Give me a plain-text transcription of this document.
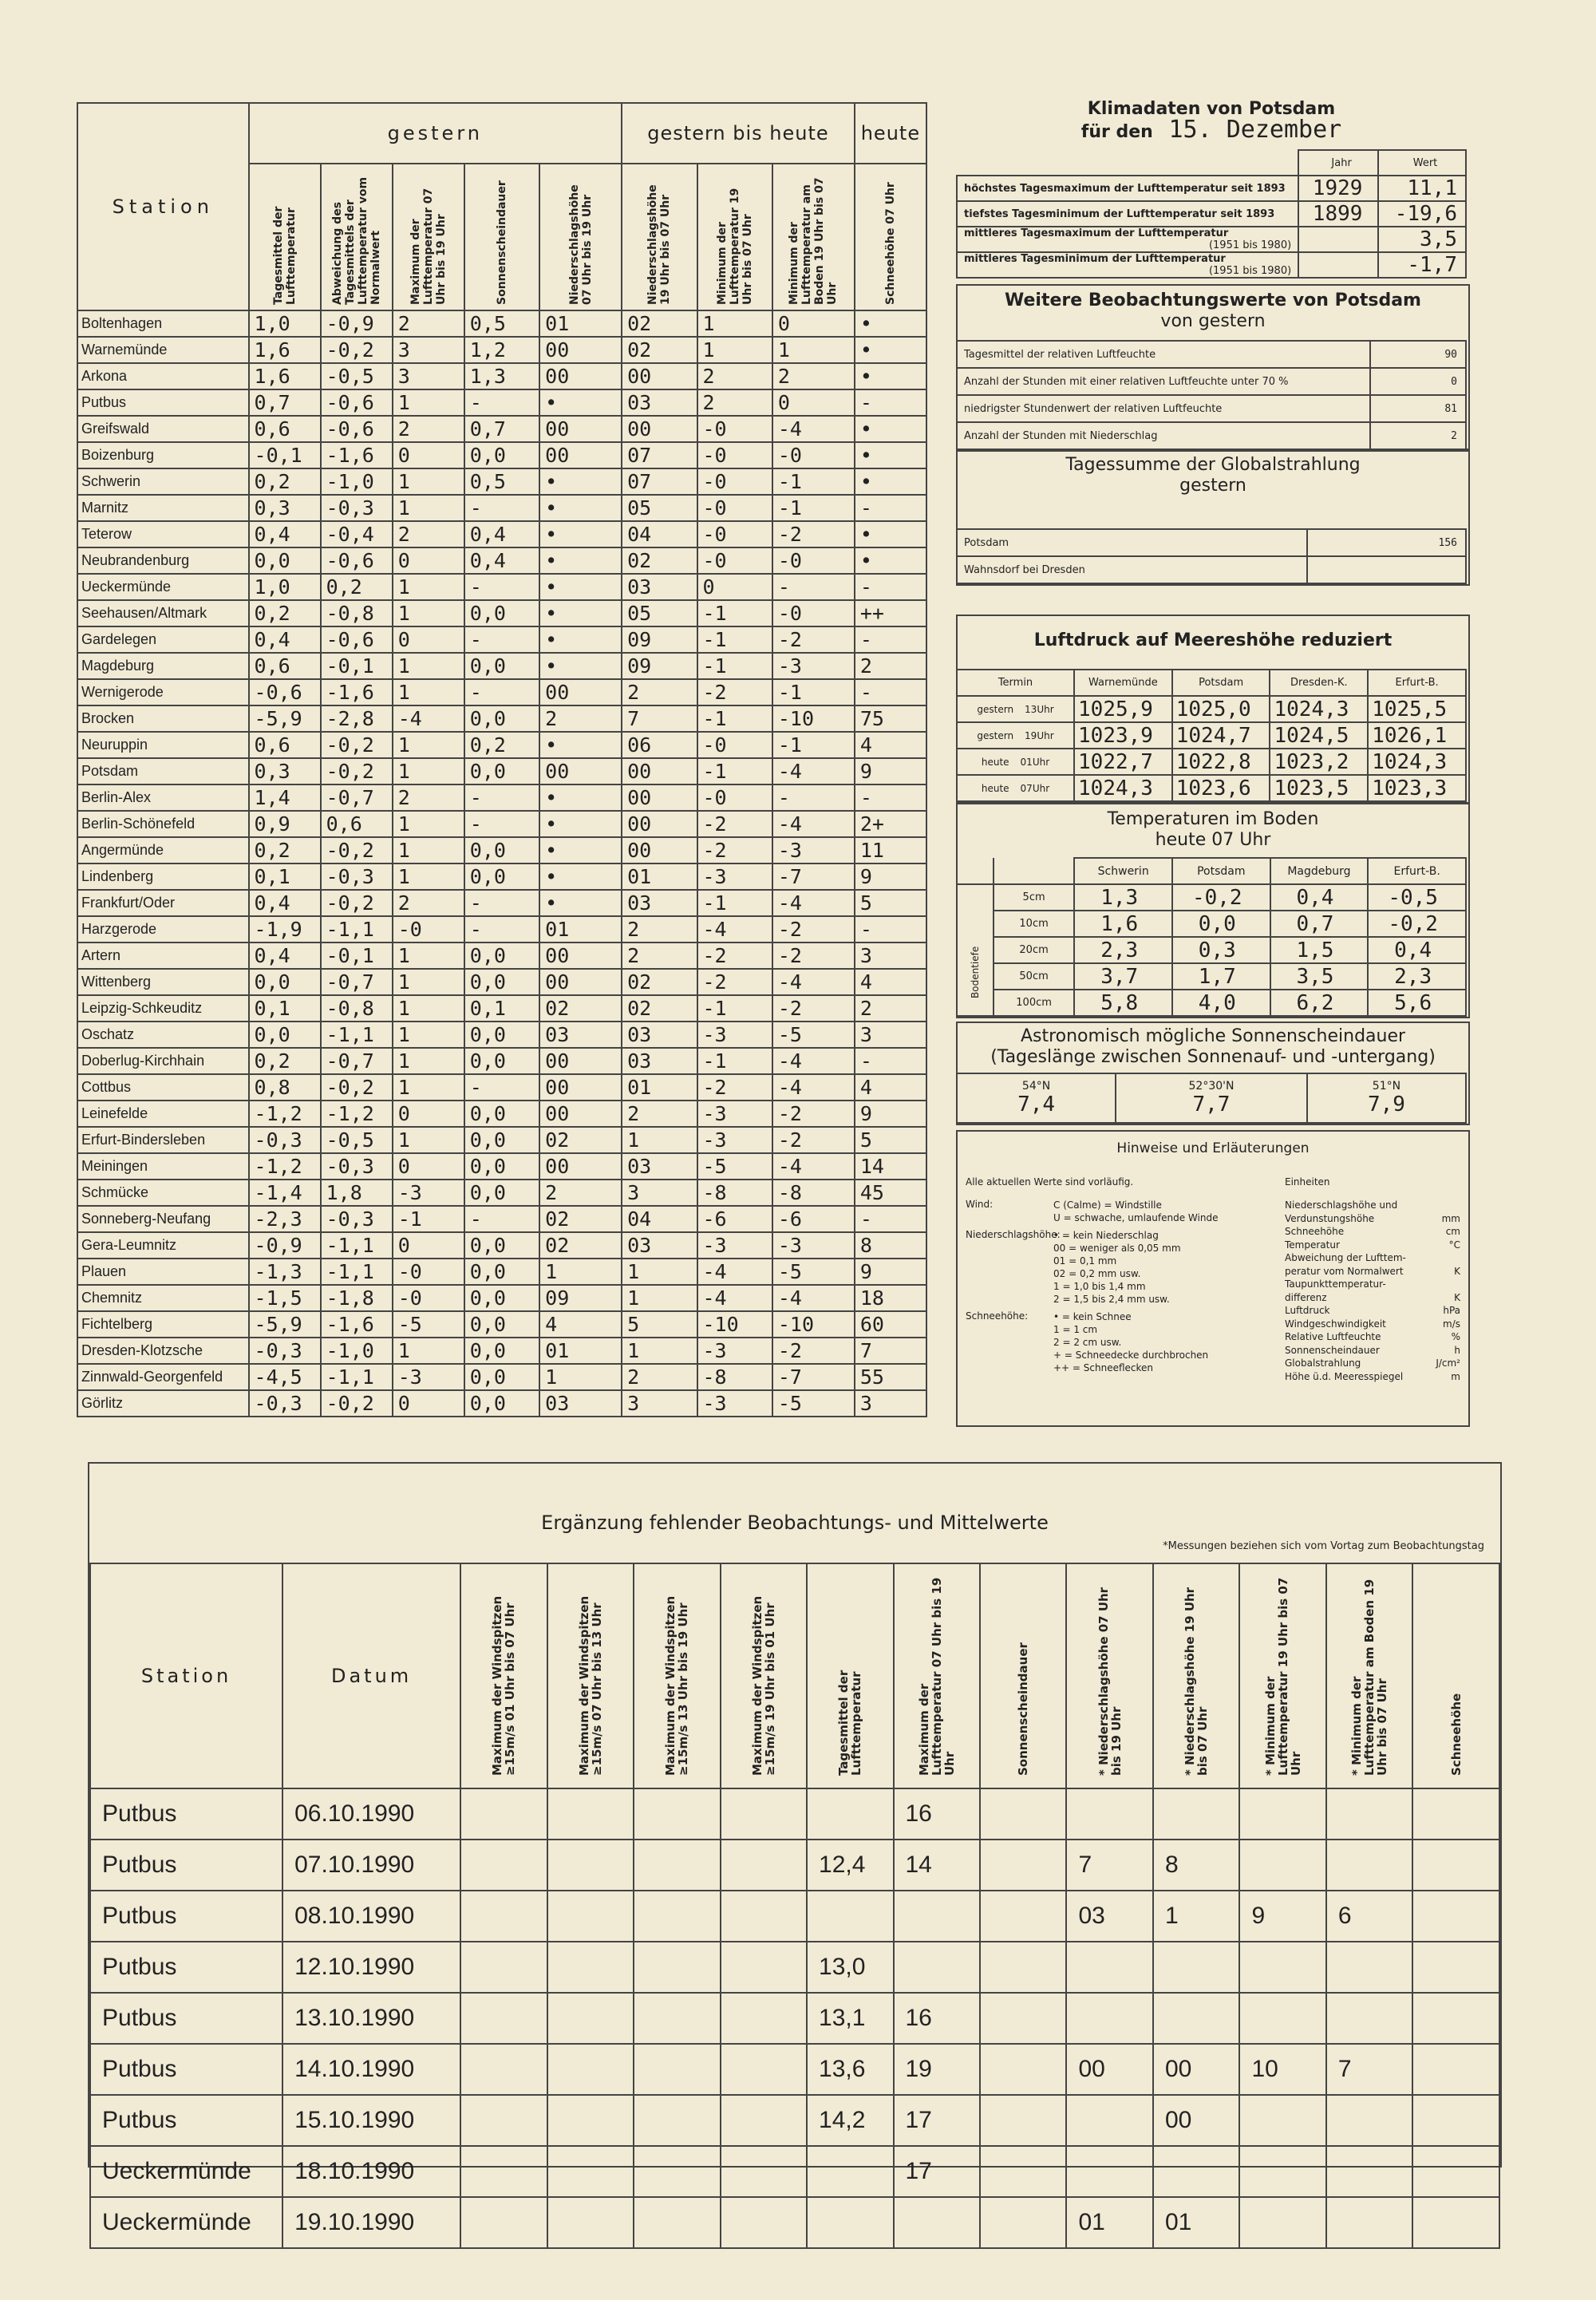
Station	gestern					gestern bis heute			heute

	Tagesmittel der Lufttemperatur	Abweichung des Tagesmittels der Lufttemperatur vom Normalwert	Maximum der Lufttemperatur 07 Uhr bis 19 Uhr	Sonnenscheindauer	Niederschlagshöhe 07 Uhr bis 19 Uhr	Niederschlagshöhe 19 Uhr bis 07 Uhr	Minimum der Lufttemperatur 19 Uhr bis 07 Uhr	Minimum der Lufttemperatur am Boden 19 Uhr bis 07 Uhr	Schneehöhe 07 Uhr

Boltenhagen	1,0	-0,9	2	0,5	01	02	1	0	•
Warnemünde	1,6	-0,2	3	1,2	00	02	1	1	•
Arkona	1,6	-0,5	3	1,3	00	00	2	2	•
Putbus	0,7	-0,6	1	-	•	03	2	0	-
Greifswald	0,6	-0,6	2	0,7	00	00	-0	-4	•
Boizenburg	-0,1	-1,6	0	0,0	00	07	-0	-0	•
Schwerin	0,2	-1,0	1	0,5	•	07	-0	-1	•
Marnitz	0,3	-0,3	1	-	•	05	-0	-1	-
Teterow	0,4	-0,4	2	0,4	•	04	-0	-2	•
Neubrandenburg	0,0	-0,6	0	0,4	•	02	-0	-0	•
Ueckermünde	1,0	0,2	1	-	•	03	0	-	-
Seehausen/Altmark	0,2	-0,8	1	0,0	•	05	-1	-0	++
Gardelegen	0,4	-0,6	0	-	•	09	-1	-2	-
Magdeburg	0,6	-0,1	1	0,0	•	09	-1	-3	2
Wernigerode	-0,6	-1,6	1	-	00	2	-2	-1	-
Brocken	-5,9	-2,8	-4	0,0	2	7	-1	-10	75
Neuruppin	0,6	-0,2	1	0,2	•	06	-0	-1	4
Potsdam	0,3	-0,2	1	0,0	00	00	-1	-4	9
Berlin-Alex	1,4	-0,7	2	-	•	00	-0	-	-
Berlin-Schönefeld	0,9	0,6	1	-	•	00	-2	-4	2+
Angermünde	0,2	-0,2	1	0,0	•	00	-2	-3	11
Lindenberg	0,1	-0,3	1	0,0	•	01	-3	-7	9
Frankfurt/Oder	0,4	-0,2	2	-	•	03	-1	-4	5
Harzgerode	-1,9	-1,1	-0	-	01	2	-4	-2	-
Artern	0,4	-0,1	1	0,0	00	2	-2	-2	3
Wittenberg	0,0	-0,7	1	0,0	00	02	-2	-4	4
Leipzig-Schkeuditz	0,1	-0,8	1	0,1	02	02	-1	-2	2
Oschatz	0,0	-1,1	1	0,0	03	03	-3	-5	3
Doberlug-Kirchhain	0,2	-0,7	1	0,0	00	03	-1	-4	-
Cottbus	0,8	-0,2	1	-	00	01	-2	-4	4
Leinefelde	-1,2	-1,2	0	0,0	00	2	-3	-2	9
Erfurt-Bindersleben	-0,3	-0,5	1	0,0	02	1	-3	-2	5
Meiningen	-1,2	-0,3	0	0,0	00	03	-5	-4	14
Schmücke	-1,4	1,8	-3	0,0	2	3	-8	-8	45
Sonneberg-Neufang	-2,3	-0,3	-1	-	02	04	-6	-6	-
Gera-Leumnitz	-0,9	-1,1	0	0,0	02	03	-3	-3	8
Plauen	-1,3	-1,1	-0	0,0	1	1	-4	-5	9
Chemnitz	-1,5	-1,8	-0	0,0	09	1	-4	-4	18
Fichtelberg	-5,9	-1,6	-5	0,0	4	5	-10	-10	60
Dresden-Klotzsche	-0,3	-1,0	1	0,0	01	1	-3	-2	7
Zinnwald-Georgenfeld	-4,5	-1,1	-3	0,0	1	2	-8	-7	55
Görlitz	-0,3	-0,2	0	0,0	03	3	-3	-5	3
Klimadaten von Potsdam
für den 15. Dezember
	Jahr	Wert
höchstes Tagesmaximum der Lufttemperatur seit 1893	1929	11,1
tiefstes Tagesminimum der Lufttemperatur seit 1893	1899	-19,6
mittleres Tagesmaximum der Lufttemperatur
(1951 bis 1980)		3,5
mittleres Tagesminimum der Lufttemperatur
(1951 bis 1980)		-1,7
Weitere Beobachtungswerte von Potsdam
von gestern
Tagesmittel der relativen Luftfeuchte	90
Anzahl der Stunden mit einer relativen Luftfeuchte unter 70 %	0
niedrigster Stundenwert der relativen Luftfeuchte	81
Anzahl der Stunden mit Niederschlag	2
Tagessumme der Globalstrahlung
gestern
Potsdam	156
Wahnsdorf bei Dresden	
Luftdruck auf Meereshöhe reduziert
Termin	Warnemünde	Potsdam	Dresden-K.	Erfurt-B.
gestern 13Uhr	1025,9	1025,0	1024,3	1025,5
gestern 19Uhr	1023,9	1024,7	1024,5	1026,1
heute 01Uhr	1022,7	1022,8	1023,2	1024,3
heute 07Uhr	1024,3	1023,6	1023,5	1023,3
Temperaturen im Boden
heute 07 Uhr
		Schwerin	Potsdam	Magdeburg	Erfurt-B.

Bodentiefe	5cm	1,3	-0,2	0,4	-0,5
	10cm	1,6	0,0	0,7	-0,2
	20cm	2,3	0,3	1,5	0,4
	50cm	3,7	1,7	3,5	2,3
	100cm	5,8	4,0	6,2	5,6
Astronomisch mögliche Sonnenscheindauer
(Tageslänge zwischen Sonnenauf- und -untergang)
54°N
7,4

52°30'N
7,7

51°N
7,9
Hinweise und Erläuterungen
Alle aktuellen Werte sind vorläufig.
Wind:	C (Calme) = Windstille
U = schwache, umlaufende Winde
Niederschlagshöhe:
• = kein Niederschlag
00 = weniger als 0,05 mm
01 = 0,1 mm
02 = 0,2 mm usw.
1 = 1,0 bis 1,4 mm
2 = 1,5 bis 2,4 mm usw.
Schneehöhe:	• = kein Schnee
1 = 1 cm
2 = 2 cm usw.
+ = Schneedecke durchbrochen
++ = Schneeflecken
Einheiten
Niederschlagshöhe und
Verdunstungshöhe	mm
Schneehöhe	cm
Temperatur	°C
Abweichung der Lufttem-
peratur vom Normalwert	K
Taupunkttemperatur-
differenz	K
Luftdruck	hPa
Windgeschwindigkeit	m/s
Relative Luftfeuchte	%
Sonnenscheindauer	h
Globalstrahlung	J/cm²
Höhe ü.d. Meeresspiegel	m
Ergänzung fehlender Beobachtungs- und Mittelwerte
*Messungen beziehen sich vom Vortag zum Beobachtungstag
Station	Datum	Maximum der Windspitzen ≥15m/s 01 Uhr bis 07 Uhr	Maximum der Windspitzen ≥15m/s 07 Uhr bis 13 Uhr	Maximum der Windspitzen ≥15m/s 13 Uhr bis 19 Uhr	Maximum der Windspitzen ≥15m/s 19 Uhr bis 01 Uhr	Tagesmittel der Lufttemperatur	Maximum der Lufttemperatur 07 Uhr bis 19 Uhr	Sonnenscheindauer	* Niederschlagshöhe 07 Uhr bis 19 Uhr	* Niederschlagshöhe 19 Uhr bis 07 Uhr	* Minimum der Lufttemperatur 19 Uhr bis 07 Uhr	* Minimum der Lufttemperatur am Boden 19 Uhr bis 07 Uhr	Schneehöhe

Putbus	06.10.1990						16						
Putbus	07.10.1990					12,4	14		7	8			
Putbus	08.10.1990								03	1	9	6	
Putbus	12.10.1990					13,0							
Putbus	13.10.1990					13,1	16						
Putbus	14.10.1990					13,6	19		00	00	10	7	
Putbus	15.10.1990					14,2	17			00			
Ueckermünde	18.10.1990						17						
Ueckermünde	19.10.1990								01	01			
